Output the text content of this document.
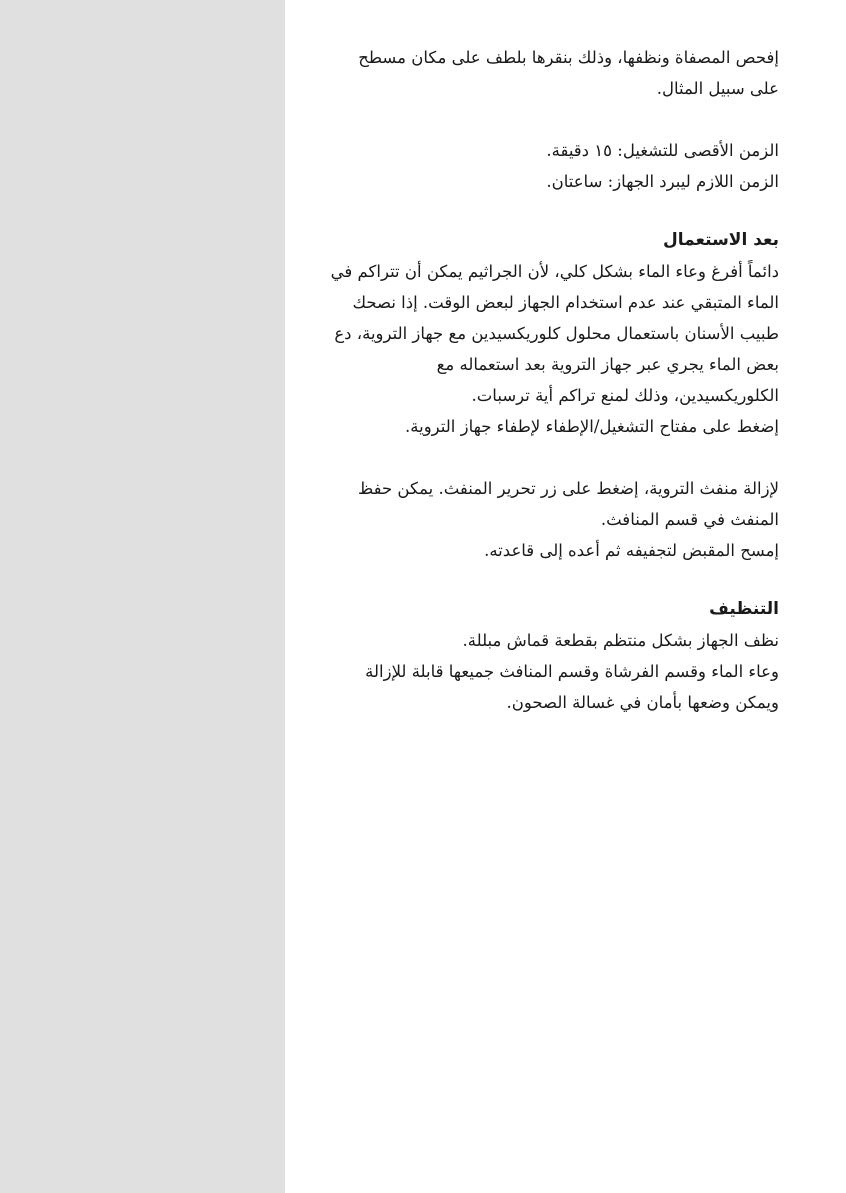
إفحص المصفاة ونظفها، وذلك بنقرها بلطف على مكان مسطح على سبيل المثال.

الزمن الأقصى للتشغيل: ١٥ دقيقة.

الزمن اللازم ليبرد الجهاز: ساعتان.

بعد الاستعمال

دائماً أفرغ وعاء الماء بشكل كلي، لأن الجراثيم يمكن أن تتراكم في الماء المتبقي عند عدم استخدام الجهاز لبعض الوقت. إذا نصحك طبيب الأسنان باستعمال محلول كلوريكسيدين مع جهاز التروية، دع بعض الماء يجري عبر جهاز التروية بعد استعماله مع الكلوريكسيدين، وذلك لمنع تراكم أية ترسبات.

إضغط على مفتاح التشغيل/الإطفاء لإطفاء جهاز التروية.

لإزالة منفث التروية، إضغط على زر تحرير المنفث. يمكن حفظ المنفث في قسم المنافث.

إمسح المقبض لتجفيفه ثم أعده إلى قاعدته.

التنظيف

نظف الجهاز بشكل منتظم بقطعة قماش مبللة.

وعاء الماء وقسم الفرشاة وقسم المنافث جميعها قابلة للإزالة ويمكن وضعها بأمان في غسالة الصحون.
